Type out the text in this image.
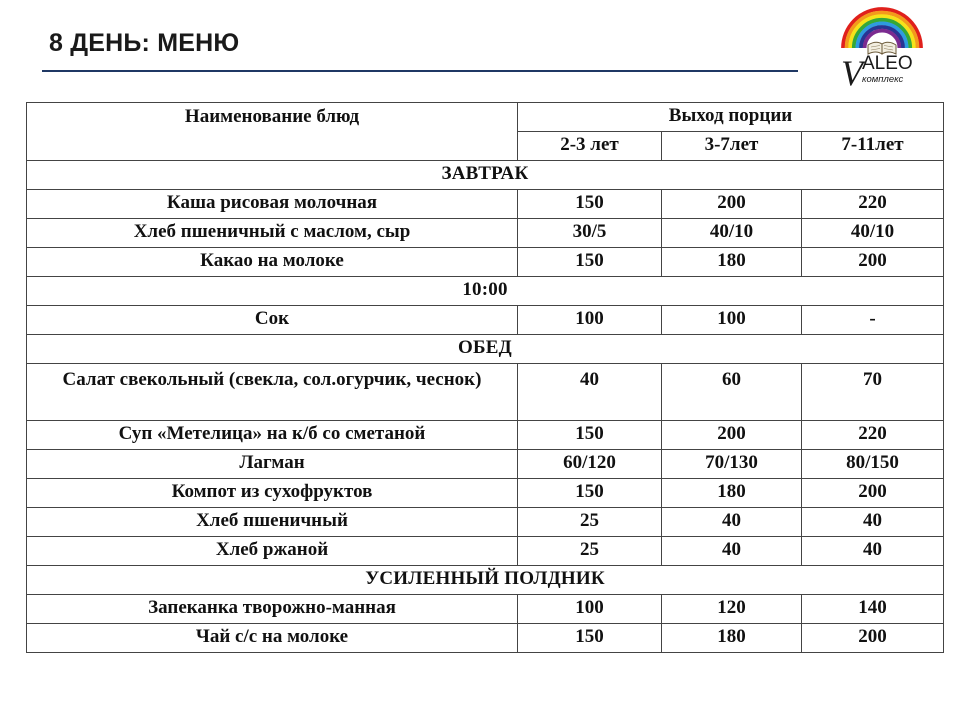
8 ДЕНЬ: МЕНЮ
V ALEO
комплекс
Наименование блюд	Выход порции		
	2-3 лет	3-7лет	7-11лет
ЗАВТРАК			
Каша рисовая молочная	150	200	220
Хлеб пшеничный с маслом, сыр	30/5	40/10	40/10
Какао на молоке	150	180	200
10:00			
Сок	100	100	-
ОБЕД			
Салат свекольный (свекла, сол.огурчик, чеснок)	40	60	70
Суп «Метелица» на к/б со сметаной	150	200	220
Лагман	60/120	70/130	80/150
Компот из сухофруктов	150	180	200
Хлеб пшеничный	25	40	40
Хлеб ржаной	25	40	40
УСИЛЕННЫЙ ПОЛДНИК			
Запеканка творожно-манная	100	120	140
Чай с/с на молоке	150	180	200
